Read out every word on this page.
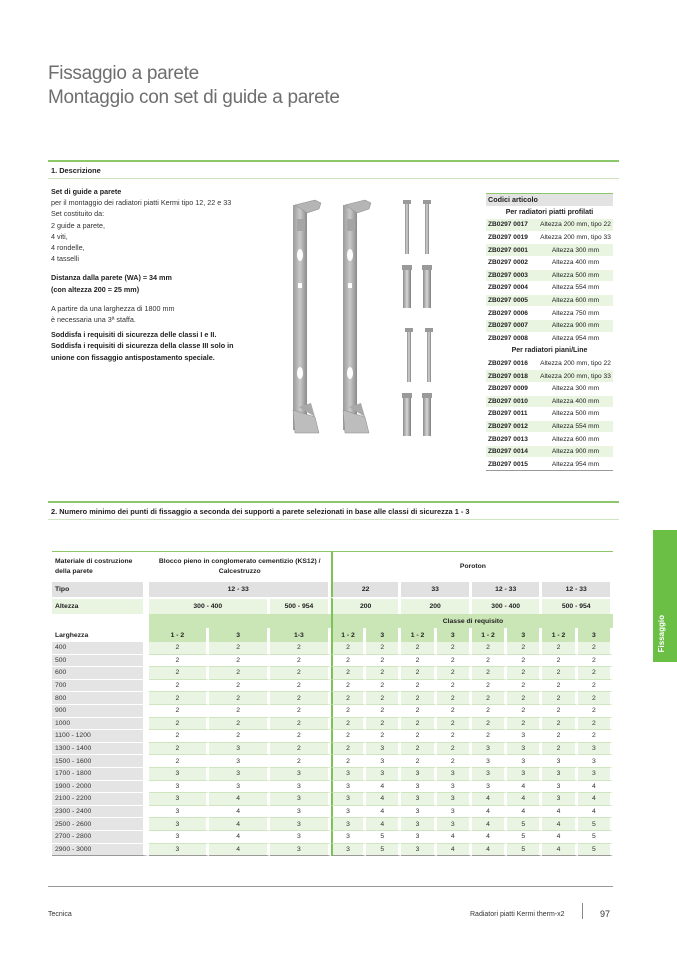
Fissaggio a parete
Montaggio con set di guide a parete
1. Descrizione

Set di guide a parete

per il montaggio dei radiatori piatti Kermi tipo 12, 22 e 33

Set costituito da:

2 guide a parete,

4 viti,

4 rondelle,

4 tasselli

Distanza dalla parete (WA) = 34 mm

(con altezza 200 = 25 mm)

A partire da una larghezza di 1800 mm

è necessaria una 3ª staffa.

Soddisfa i requisiti di sicurezza delle classi I e II.

Soddisfa i requisiti di sicurezza della classe III solo in

unione con fissaggio antispostamento speciale.

Codici articolo	
Per radiatori piatti profilati	
ZB0297 0017	Altezza 200 mm, tipo 22
ZB0297 0019	Altezza 200 mm, tipo 33
ZB0297 0001	Altezza 300 mm
ZB0297 0002	Altezza 400 mm
ZB0297 0003	Altezza 500 mm
ZB0297 0004	Altezza 554 mm
ZB0297 0005	Altezza 600 mm
ZB0297 0006	Altezza 750 mm
ZB0297 0007	Altezza 900 mm
ZB0297 0008	Altezza 954 mm
Per radiatori piani/Line	
ZB0297 0016	Altezza 200 mm, tipo 22
ZB0297 0018	Altezza 200 mm, tipo 33
ZB0297 0009	Altezza 300 mm
ZB0297 0010	Altezza 400 mm
ZB0297 0011	Altezza 500 mm
ZB0297 0012	Altezza 554 mm
ZB0297 0013	Altezza 600 mm
ZB0297 0014	Altezza 900 mm
ZB0297 0015	Altezza 954 mm
2. Numero minimo dei punti di fissaggio a seconda dei supporti a parete selezionati in base alle classi di sicurezza 1 - 3
Fissaggio
Materiale di costruzione della parete	Blocco pieno in conglomerato cementizio (KS12) / Calcestruzzo			Poroton							
Tipo	12 - 33			22		33		12 - 33		12 - 33	
Altezza	300 - 400		500 - 954	200		200		300 - 400		500 - 954	
				Classe di requisito							
Larghezza	1 - 2	3	1-3	1 - 2	3	1 - 2	3	1 - 2	3	1 - 2	3
400	2	2	2	2	2	2	2	2	2	2	2
500	2	2	2	2	2	2	2	2	2	2	2
600	2	2	2	2	2	2	2	2	2	2	2
700	2	2	2	2	2	2	2	2	2	2	2
800	2	2	2	2	2	2	2	2	2	2	2
900	2	2	2	2	2	2	2	2	2	2	2
1000	2	2	2	2	2	2	2	2	2	2	2
1100 - 1200	2	2	2	2	2	2	2	2	3	2	2
1300 - 1400	2	3	2	2	3	2	2	3	3	2	3
1500 - 1600	2	3	2	2	3	2	2	3	3	3	3
1700 - 1800	3	3	3	3	3	3	3	3	3	3	3
1900 - 2000	3	3	3	3	4	3	3	3	4	3	4
2100 - 2200	3	4	3	3	4	3	3	4	4	3	4
2300 - 2400	3	4	3	3	4	3	3	4	4	4	4
2500 - 2600	3	4	3	3	4	3	3	4	5	4	5
2700 - 2800	3	4	3	3	5	3	4	4	5	4	5
2900 - 3000	3	4	3	3	5	3	4	4	5	4	5
Tecnica	Radiatori piatti Kermi therm-x2	97
